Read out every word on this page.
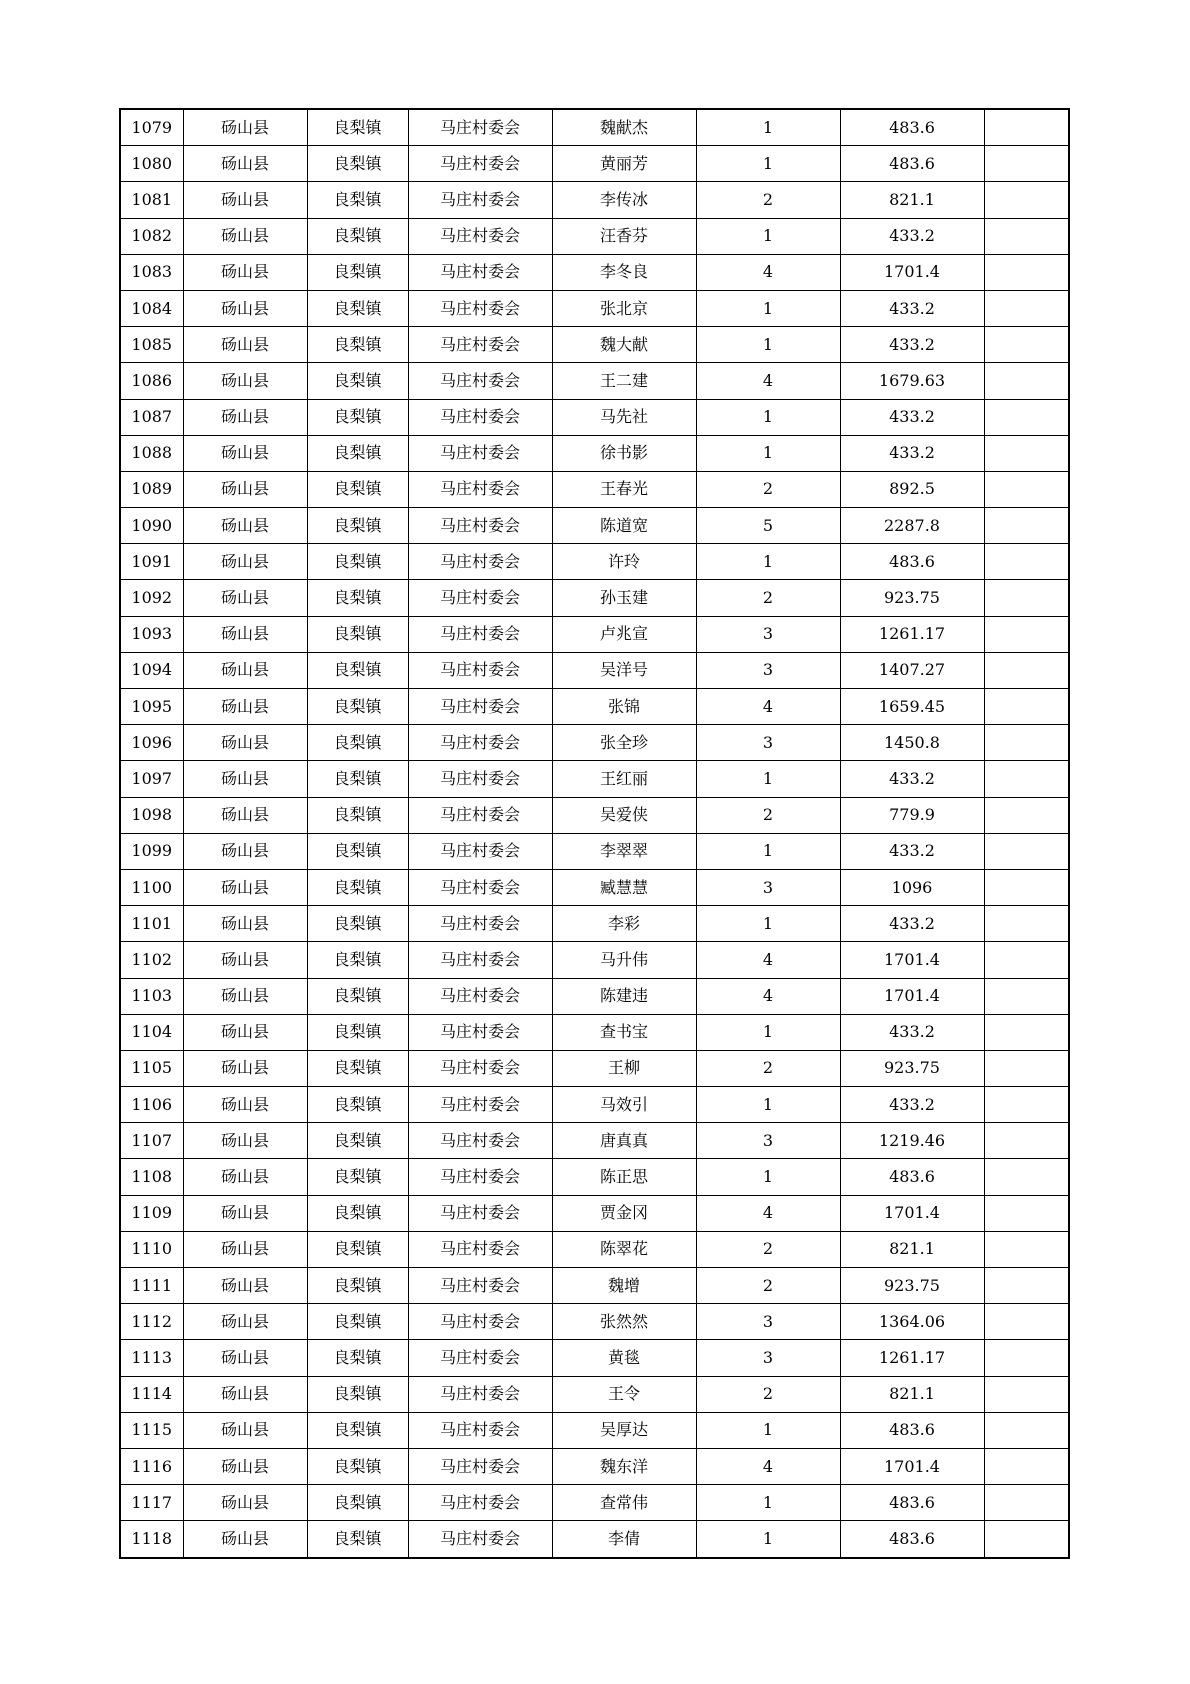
1079	砀山县	良梨镇	马庄村委会	魏献杰	1	483.6	
1080	砀山县	良梨镇	马庄村委会	黄丽芳	1	483.6	
1081	砀山县	良梨镇	马庄村委会	李传冰	2	821.1	
1082	砀山县	良梨镇	马庄村委会	汪香芬	1	433.2	
1083	砀山县	良梨镇	马庄村委会	李冬良	4	1701.4	
1084	砀山县	良梨镇	马庄村委会	张北京	1	433.2	
1085	砀山县	良梨镇	马庄村委会	魏大献	1	433.2	
1086	砀山县	良梨镇	马庄村委会	王二建	4	1679.63	
1087	砀山县	良梨镇	马庄村委会	马先社	1	433.2	
1088	砀山县	良梨镇	马庄村委会	徐书影	1	433.2	
1089	砀山县	良梨镇	马庄村委会	王春光	2	892.5	
1090	砀山县	良梨镇	马庄村委会	陈道宽	5	2287.8	
1091	砀山县	良梨镇	马庄村委会	许玲	1	483.6	
1092	砀山县	良梨镇	马庄村委会	孙玉建	2	923.75	
1093	砀山县	良梨镇	马庄村委会	卢兆宣	3	1261.17	
1094	砀山县	良梨镇	马庄村委会	吴洋号	3	1407.27	
1095	砀山县	良梨镇	马庄村委会	张锦	4	1659.45	
1096	砀山县	良梨镇	马庄村委会	张全珍	3	1450.8	
1097	砀山县	良梨镇	马庄村委会	王红丽	1	433.2	
1098	砀山县	良梨镇	马庄村委会	吴爱侠	2	779.9	
1099	砀山县	良梨镇	马庄村委会	李翠翠	1	433.2	
1100	砀山县	良梨镇	马庄村委会	臧慧慧	3	1096	
1101	砀山县	良梨镇	马庄村委会	李彩	1	433.2	
1102	砀山县	良梨镇	马庄村委会	马升伟	4	1701.4	
1103	砀山县	良梨镇	马庄村委会	陈建违	4	1701.4	
1104	砀山县	良梨镇	马庄村委会	查书宝	1	433.2	
1105	砀山县	良梨镇	马庄村委会	王柳	2	923.75	
1106	砀山县	良梨镇	马庄村委会	马效引	1	433.2	
1107	砀山县	良梨镇	马庄村委会	唐真真	3	1219.46	
1108	砀山县	良梨镇	马庄村委会	陈正思	1	483.6	
1109	砀山县	良梨镇	马庄村委会	贾金冈	4	1701.4	
1110	砀山县	良梨镇	马庄村委会	陈翠花	2	821.1	
1111	砀山县	良梨镇	马庄村委会	魏增	2	923.75	
1112	砀山县	良梨镇	马庄村委会	张然然	3	1364.06	
1113	砀山县	良梨镇	马庄村委会	黄毯	3	1261.17	
1114	砀山县	良梨镇	马庄村委会	王令	2	821.1	
1115	砀山县	良梨镇	马庄村委会	吴厚达	1	483.6	
1116	砀山县	良梨镇	马庄村委会	魏东洋	4	1701.4	
1117	砀山县	良梨镇	马庄村委会	查常伟	1	483.6	
1118	砀山县	良梨镇	马庄村委会	李倩	1	483.6	
